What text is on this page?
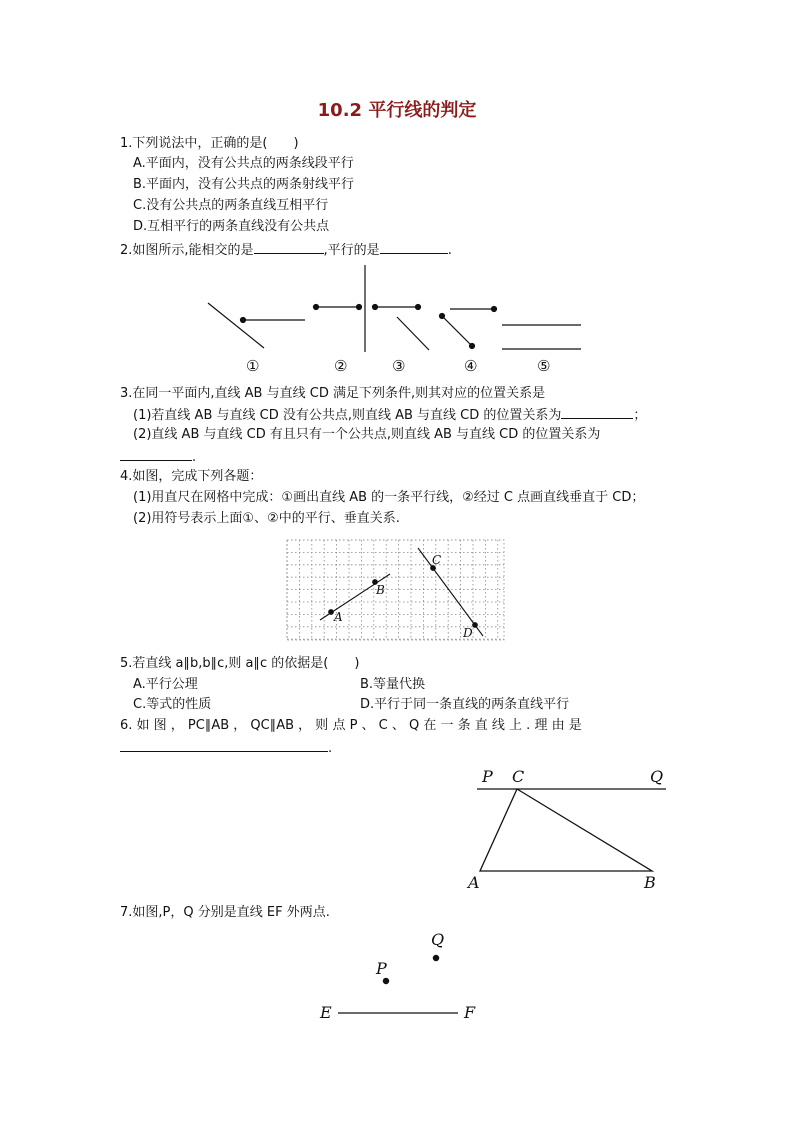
10.2 平行线的判定
1.下列说法中，正确的是(　　)
A.平面内，没有公共点的两条线段平行
B.平面内，没有公共点的两条射线平行
C.没有公共点的两条直线互相平行
D.互相平行的两条直线没有公共点
2.如图所示,能相交的是	,平行的是	.
①	②	③	④	⑤
3.在同一平面内,直线 AB 与直线 CD 满足下列条件,则其对应的位置关系是
(1)若直线 AB 与直线 CD 没有公共点,则直线 AB 与直线 CD 的位置关系为	；
(2)直线 AB 与直线 CD 有且只有一个公共点,则直线 AB 与直线 CD 的位置关系为
.
4.如图，完成下列各题：
(1)用直尺在网格中完成：①画出直线 AB 的一条平行线，②经过 C 点画直线垂直于 CD；
(2)用符号表示上面①、②中的平行、垂直关系.
A
B
C
D
5.若直线 a∥b,b∥c,则 a∥c 的依据是(　　)
A.平行公理	B.等量代换
C.等式的性质	D.平行于同一条直线的两条直线平行
6. 如 图 ， PC∥AB ， QC∥AB ， 则 点 P 、 C 、 Q 在 一 条 直 线 上 . 理 由 是
.
P C	Q
A	B
7.如图,P，Q 分别是直线 EF 外两点.
P
Q
E	F
